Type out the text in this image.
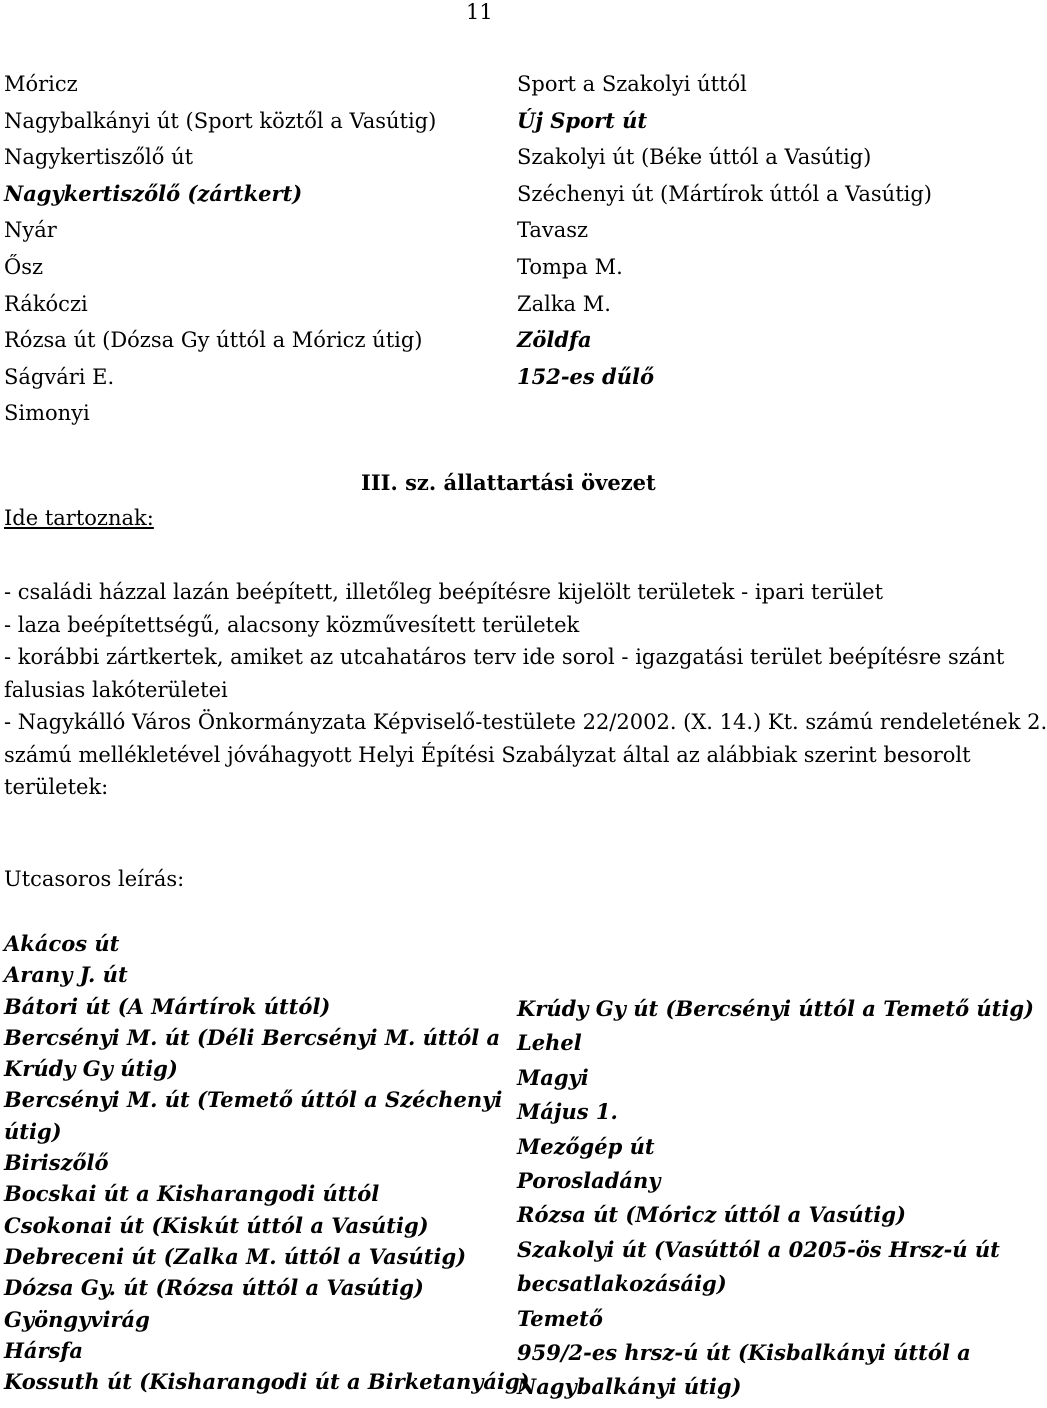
11
Móricz
Nagybalkányi út (Sport köztől a Vasútig)
Nagykertiszőlő út
Nagykertiszőlő (zártkert)
Nyár
Ősz
Rákóczi
Rózsa út (Dózsa Gy úttól a Móricz útig)
Ságvári E.
Simonyi
Sport a Szakolyi úttól
Új Sport út
Szakolyi út (Béke úttól a Vasútig)
Széchenyi út (Mártírok úttól a Vasútig)
Tavasz
Tompa M.
Zalka M.
Zöldfa
152-es dűlő
III. sz. állattartási övezet
Ide tartoznak:
- családi házzal lazán beépített, illetőleg beépítésre kijelölt területek - ipari terület
- laza beépítettségű, alacsony közművesített területek
- korábbi zártkertek, amiket az utcahatáros terv ide sorol - igazgatási terület beépítésre szánt
falusias lakóterületei
- Nagykálló Város Önkormányzata Képviselő-testülete 22/2002. (X. 14.) Kt. számú rendeletének 2.
számú mellékletével jóváhagyott Helyi Építési Szabályzat által az alábbiak szerint besorolt
területek:
Utcasoros leírás:
Akácos út
Arany J. út
Bátori út (A Mártírok úttól)
Bercsényi M. út (Déli Bercsényi M. úttól a
Krúdy Gy útig)
Bercsényi M. út (Temető úttól a Széchenyi
útig)
Biriszőlő
Bocskai út a Kisharangodi úttól
Csokonai út (Kiskút úttól a Vasútig)
Debreceni út (Zalka M. úttól a Vasútig)
Dózsa Gy. út (Rózsa úttól a Vasútig)
Gyöngyvirág
Hársfa
Kossuth út (Kisharangodi út a Birketanyáig)
Krúdy Gy út (Bercsényi úttól a Temető útig)
Lehel
Magyi
Május 1.
Mezőgép út
Porosladány
Rózsa út (Móricz úttól a Vasútig)
Szakolyi út (Vasúttól a 0205-ös Hrsz-ú út
becsatlakozásáig)
Temető
959/2-es hrsz-ú út (Kisbalkányi úttól a
Nagybalkányi útig)
